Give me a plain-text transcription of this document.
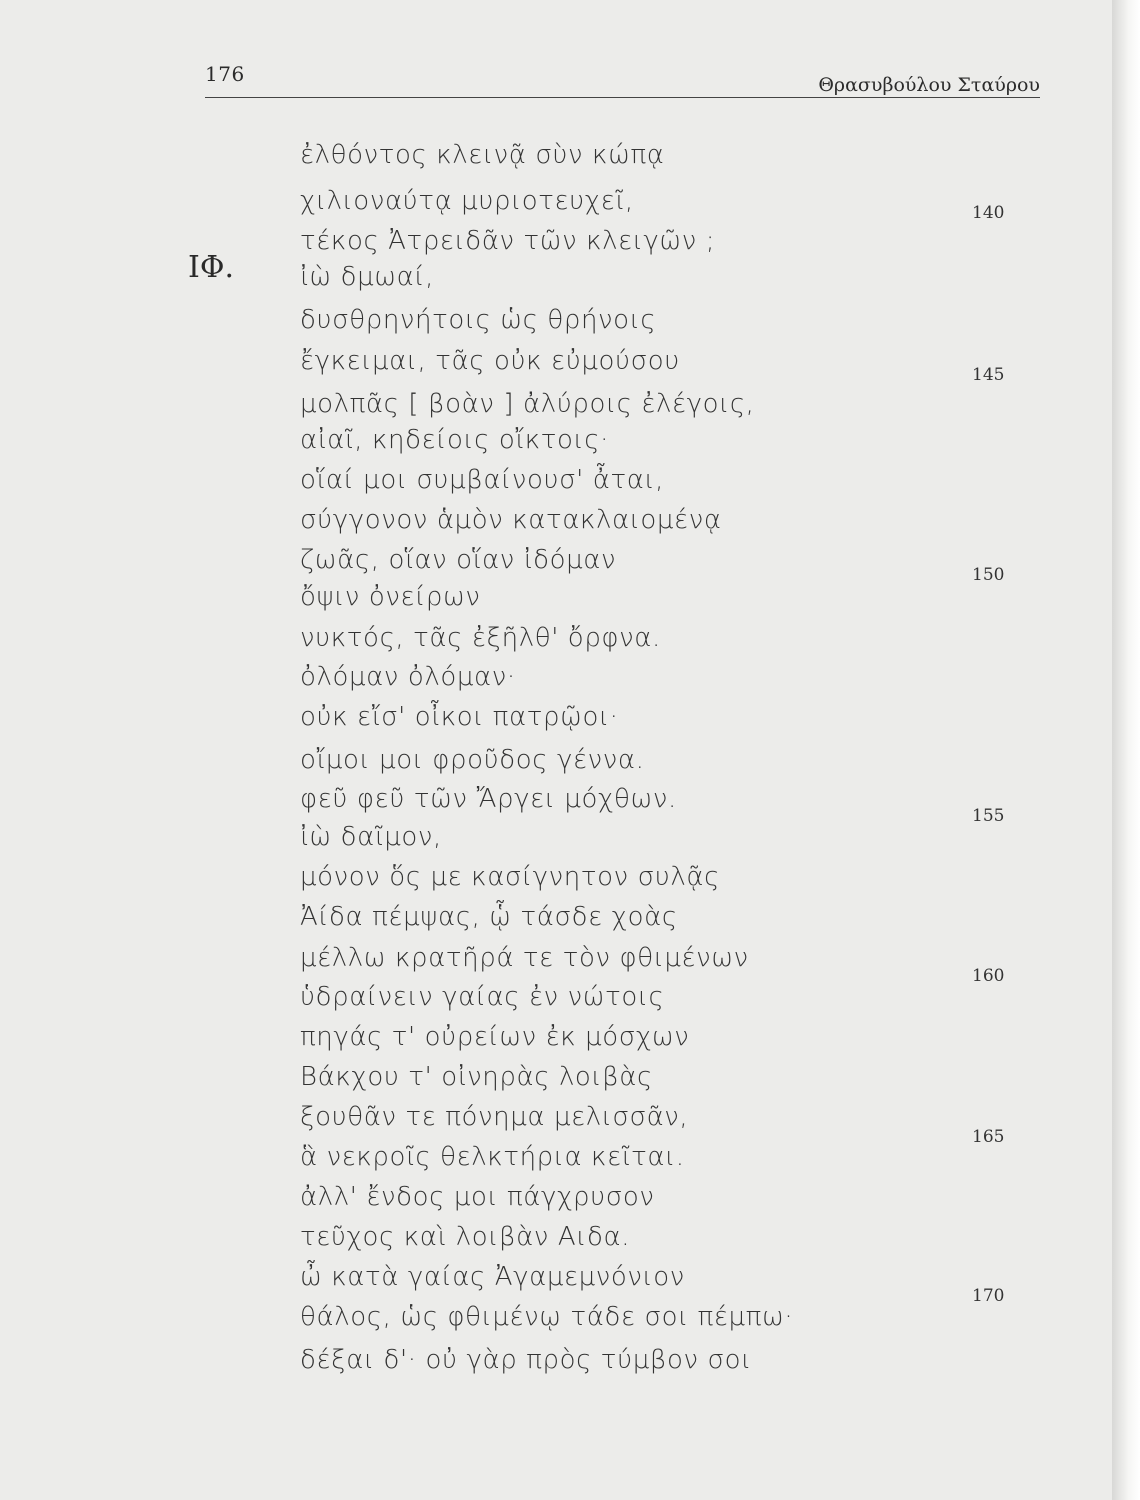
176	Θρασυβούλου Σταύρου
ΙΦ.
ἐλθόντος κλεινᾷ σὺν κώπᾳ
χιλιοναύτᾳ μυριοτευχεῖ,
τέκος Ἀτρειδᾶν τῶν κλειγῶν ;
ἰὼ δμωαί,
δυσθρηνήτοις ὡς θρήνοις
ἔγκειμαι, τᾶς οὐκ εὐμούσου
μολπᾶς [ βοὰν ] ἀλύροις ἐλέγοις,
αἰαῖ, κηδείοις οἴκτοις·
οἵαί μοι συμβαίνουσ' ἆται,
σύγγονον ἁμὸν κατακλαιομένᾳ
ζωᾶς, οἵαν οἵαν ἰδόμαν
ὄψιν ὀνείρων
νυκτός, τᾶς ἐξῆλθ' ὄρφνα.
ὀλόμαν ὀλόμαν·
οὐκ εἴσ' οἶκοι πατρῷοι·
οἴμοι μοι φροῦδος γέννα.
φεῦ φεῦ τῶν Ἄργει μόχθων.
ἰὼ δαῖμον,
μόνον ὅς με κασίγνητον συλᾷς
Ἀίδα πέμψας, ᾧ τάσδε χοὰς
μέλλω κρατῆρά τε τὸν φθιμένων
ὑδραίνειν γαίας ἐν νώτοις
πηγάς τ' οὐρείων ἐκ μόσχων
Βάκχου τ' οἰνηρὰς λοιβὰς
ξουθᾶν τε πόνημα μελισσᾶν,
ἃ νεκροῖς θελκτήρια κεῖται.
ἀλλ' ἔνδος μοι πάγχρυσον
τεῦχος καὶ λοιβὰν Αιδα.
ὦ κατὰ γαίας Ἀγαμεμνόνιον
θάλος, ὡς φθιμένῳ τάδε σοι πέμπω·
δέξαι δ'· οὐ γὰρ πρὸς τύμβον σοι
140
145
150
155
160
165
170
